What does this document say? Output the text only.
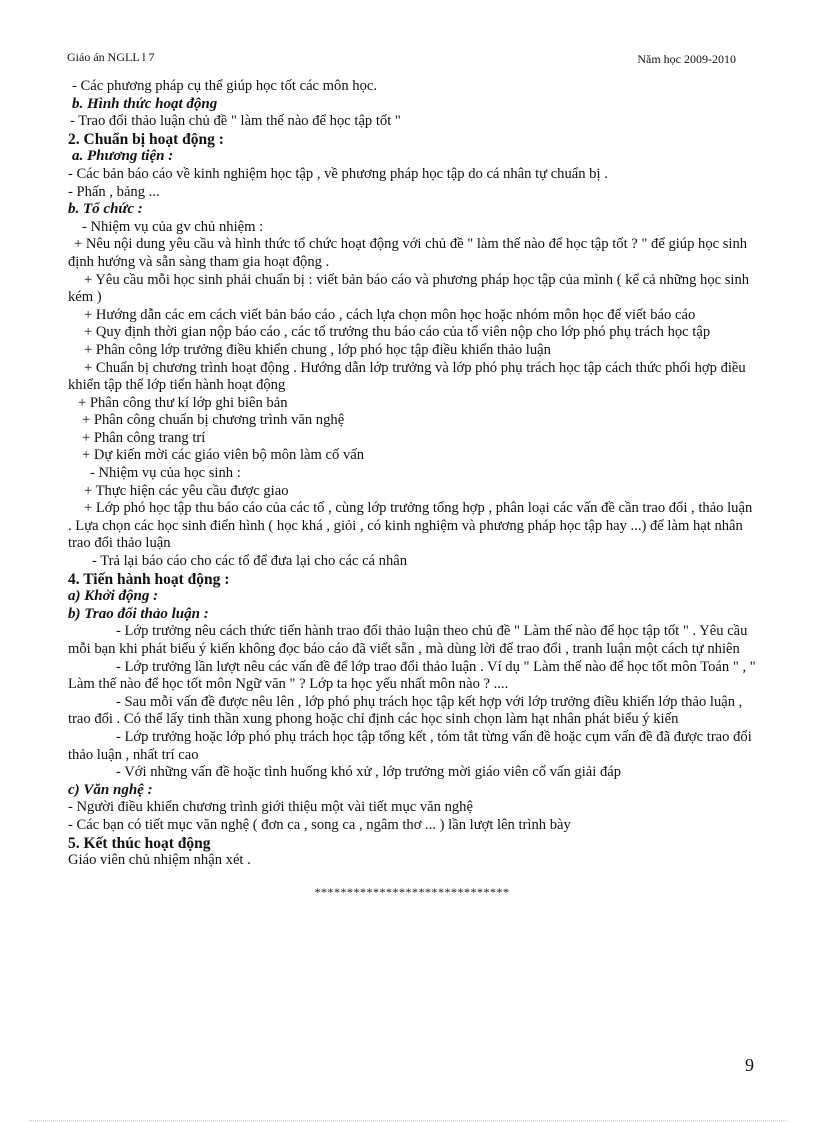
Giáo án NGLL l 7	Năm học 2009-2010

- Các phương pháp cụ thể giúp học tốt các môn học.

b. Hình thức hoạt động

- Trao đổi thảo luận chủ đề " làm thế nào để học tập tốt "

2. Chuẩn bị hoạt động :

a. Phương tiện :

- Các bản báo cáo về kinh nghiệm học tập , về phương pháp học tập do cá nhân tự chuẩn bị .

- Phấn , bảng ...

b. Tổ chức :

- Nhiệm vụ của gv chủ nhiệm :

+ Nêu nội dung yêu cầu và hình thức tổ chức hoạt động với chủ đề " làm thế nào để học tập tốt ? " để giúp học sinh định hướng và sẵn sàng tham gia hoạt động .

+ Yêu cầu mỗi học sinh phải chuẩn bị : viết bản báo cáo và phương pháp học tập của mình ( kể cả những học sinh kém )

+ Hướng dẫn các em cách viết bản báo cáo , cách lựa chọn môn học hoặc nhóm môn học để viết báo cáo

+ Quy định thời gian nộp báo cáo , các tổ trưởng thu báo cáo của tổ viên nộp cho lớp phó phụ trách học tập

+ Phân công lớp trưởng điều khiển chung , lớp phó học tập điều khiển thảo luận

+ Chuẩn bị chương trình hoạt động . Hướng dẫn lớp trưởng và lớp phó phụ trách học tập cách thức phối hợp điều khiển tập thể lớp tiến hành hoạt động

+ Phân công thư kí lớp ghi biên bản

+ Phân công chuẩn bị chương trình văn nghệ

+ Phân công trang trí

+ Dự kiến mời các giáo viên bộ môn làm cố vấn

- Nhiệm vụ của học sinh :

+ Thực hiện các yêu cầu được giao

+ Lớp phó học tập thu báo cáo của các tổ , cùng lớp trưởng tổng hợp , phân loại các vấn đề cần trao đổi , thảo luận . Lựa chọn các học sinh điển hình ( học khá , giỏi , có kinh nghiệm và phương pháp học tập hay ...) để làm hạt nhân trao đổi thảo luận

- Trả lại báo cáo cho các tổ để đưa lại cho các cá nhân

4. Tiến hành hoạt động :

a) Khởi động :

b) Trao đổi thảo luận :

- Lớp trưởng nêu cách thức tiến hành trao đổi thảo luận theo chủ đề " Làm thế nào để học tập tốt " . Yêu cầu mỗi bạn khi phát biểu ý kiến không đọc báo cáo đã viết sẵn , mà dùng lời để trao đổi , tranh luận một cách tự nhiên

- Lớp trưởng lần lượt nêu các vấn đề để lớp trao đổi thảo luận . Ví dụ " Làm thế nào để học tốt môn Toán " , " Làm thế nào để học tốt môn Ngữ văn " ? Lớp ta học yếu nhất môn nào ? ....

- Sau mỗi vấn đề được nêu lên , lớp phó phụ trách học tập kết hợp với lớp trưởng điều khiển lớp thảo luận , trao đổi . Có thể lấy tinh thần xung phong hoặc chỉ định các học sinh chọn làm hạt nhân phát biểu ý kiến

- Lớp trưởng hoặc lớp phó phụ trách học tập tổng kết , tóm tắt từng vấn đề hoặc cụm vấn đề đã được trao đổi thảo luận , nhất trí cao

- Với những vấn đề hoặc tình huống khó xử , lớp trưởng mời giáo viên cố vấn giải đáp

c) Văn nghệ :

- Người điều khiển chương trình giới thiệu một vài tiết mục văn nghệ

- Các bạn có tiết mục văn nghệ ( đơn ca , song ca , ngâm thơ ... ) lần lượt lên trình bày

5. Kết thúc hoạt động

Giáo viên chủ nhiệm nhận xét .

******************************
9
